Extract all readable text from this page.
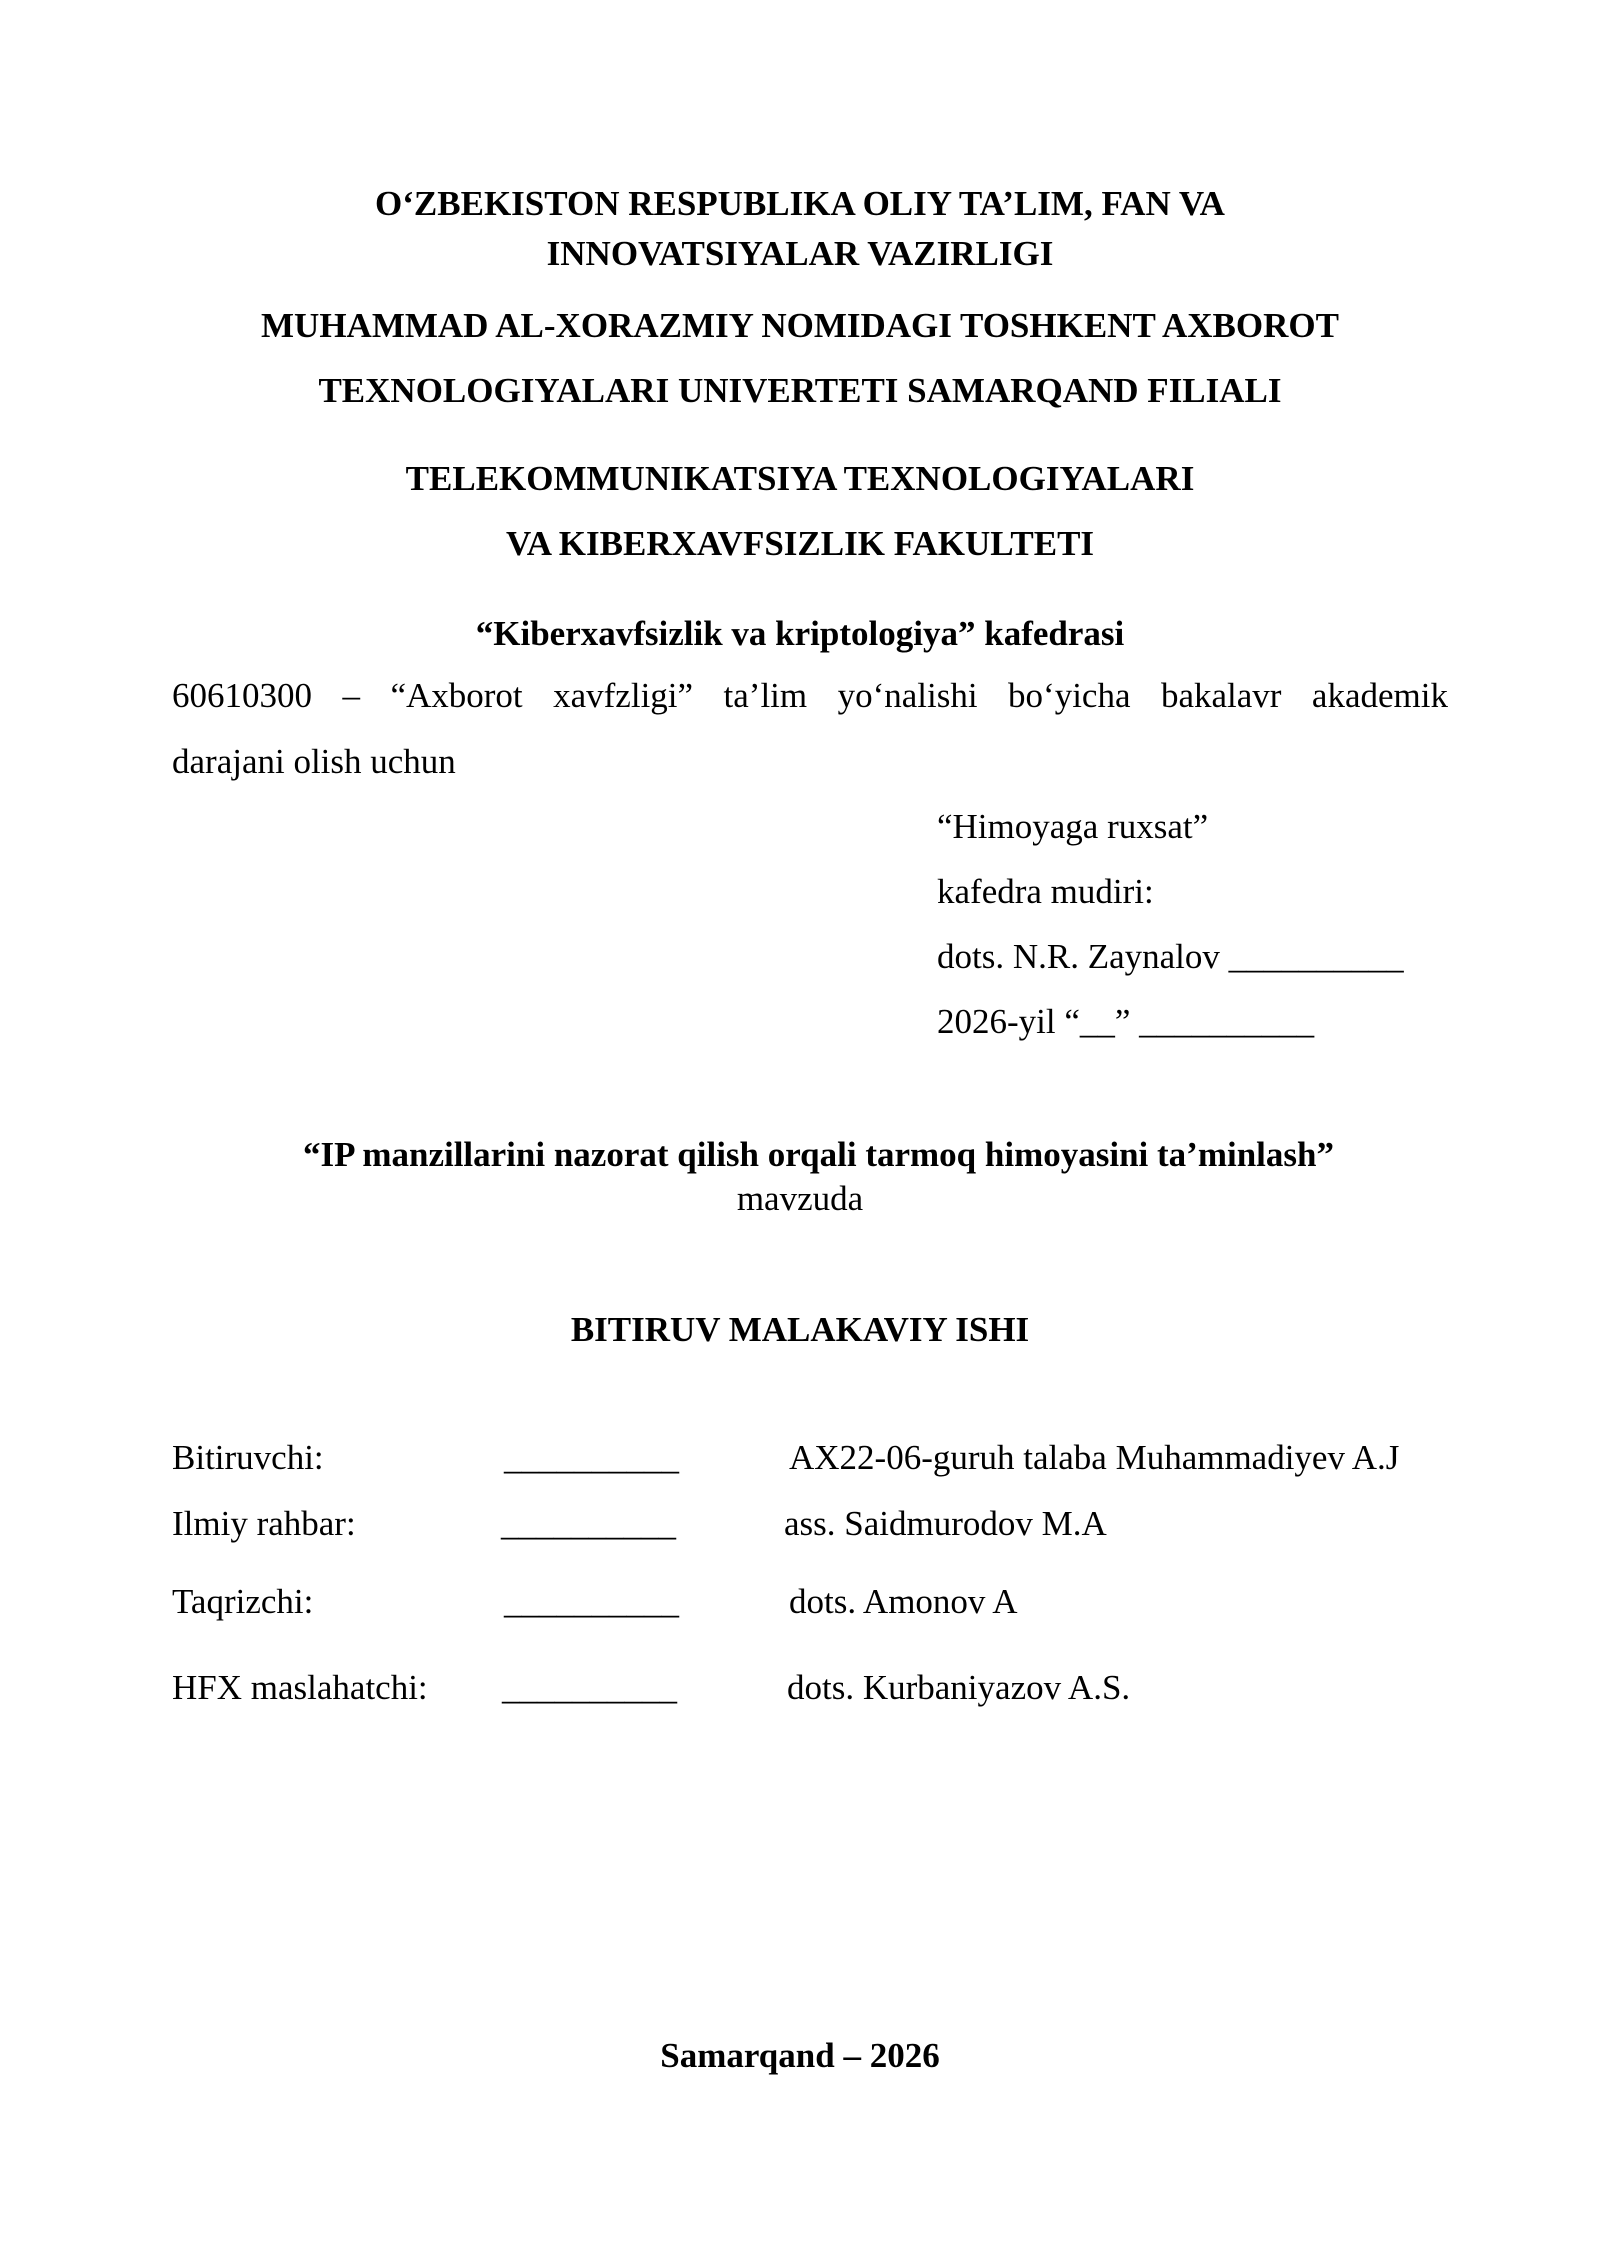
O‘ZBEKISTON RESPUBLIKA OLIY TA’LIM, FAN VA
INNOVATSIYALAR VAZIRLIGI
MUHAMMAD AL-XORAZMIY NOMIDAGI TOSHKENT AXBOROT
TEXNOLOGIYALARI UNIVERTETI SAMARQAND FILIALI
TELEKOMMUNIKATSIYA TEXNOLOGIYALARI
VA KIBERXAVFSIZLIK FAKULTETI
“Kiberxavfsizlik va kriptologiya” kafedrasi
60610300 – “Axborot xavfzligi” ta’lim yo‘nalishi bo‘yicha bakalavr akademik
darajani olish uchun
“Himoyaga ruxsat”
kafedra mudiri:
dots. N.R. Zaynalov __________
2026-yil “__” __________
“IP manzillarini nazorat qilish orqali tarmoq himoyasini ta’minlash”
mavzuda
BITIRUV MALAKAVIY ISHI
Bitiruvchi:	__________	AX22-06-guruh talaba Muhammadiyev A.J
Ilmiy rahbar:	__________	ass. Saidmurodov M.A
Taqrizchi:	__________	dots. Amonov A
HFX maslahatchi: __________	dots. Kurbaniyazov A.S.
Samarqand – 2026
